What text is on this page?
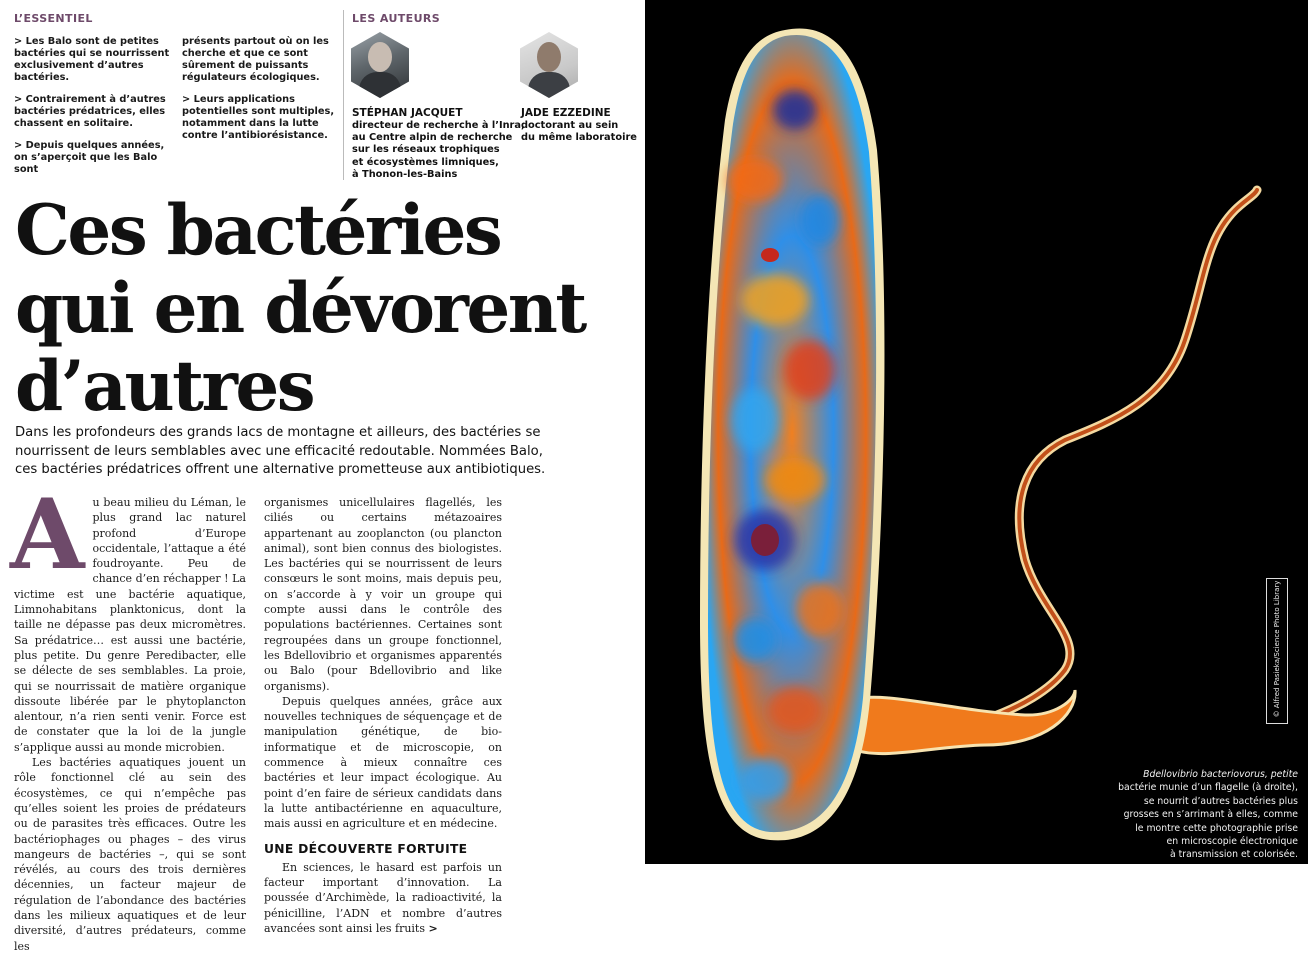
L’ESSENTIEL

> Les Balo sont de petites bactéries qui se nourrissent exclusivement d’autres bactéries.

> Contrairement à d’autres bactéries prédatrices, elles chassent en solitaire.

> Depuis quelques années, on s’aperçoit que les Balo sont

présents partout où on les cherche et que ce sont sûrement de puissants régulateurs écologiques.

> Leurs applications potentielles sont multiples, notamment dans la lutte contre l’antibiorésistance.

LES AUTEURS
STÉPHAN JACQUET
directeur de recherche à l’Inra,
au Centre alpin de recherche
sur les réseaux trophiques
et écosystèmes limniques,
à Thonon-les-Bains
JADE EZZEDINE
doctorant au sein
du même laboratoire
Ces bactéries
qui en dévorent
d’autres
Dans les profondeurs des grands lacs de montagne et ailleurs, des bactéries se
nourrissent de leurs semblables avec une efficacité redoutable. Nommées Balo,
ces bactéries prédatrices offrent une alternative prometteuse aux antibiotiques.
A u beau milieu du Léman, le plus grand lac naturel profond d’Europe occidentale, l’attaque a été foudroyante. Peu de chance d’en réchapper ! La victime est une bactérie aquatique, Limnohabitans planktonicus, dont la taille ne dépasse pas deux micromètres. Sa prédatrice… est aussi une bactérie, plus petite. Du genre Peredibacter, elle se délecte de ses semblables. La proie, qui se nourrissait de matière organique dissoute libérée par le phytoplancton alentour, n’a rien senti venir. Force est de constater que la loi de la jungle s’applique aussi au monde microbien.

Les bactéries aquatiques jouent un rôle fonctionnel clé au sein des écosystèmes, ce qui n’empêche pas qu’elles soient les proies de prédateurs ou de parasites très efficaces. Outre les bactériophages ou phages – des virus mangeurs de bactéries –, qui se sont révélés, au cours des trois dernières décennies, un facteur majeur de régulation de l’abondance des bactéries dans les milieux aquatiques et de leur diversité, d’autres prédateurs, comme les

organismes unicellulaires flagellés, les ciliés ou certains métazoaires appartenant au zooplancton (ou plancton animal), sont bien connus des biologistes. Les bactéries qui se nourrissent de leurs consœurs le sont moins, mais depuis peu, on s’accorde à y voir un groupe qui compte aussi dans le contrôle des populations bactériennes. Certaines sont regroupées dans un groupe fonctionnel, les Bdellovibrio et organismes apparentés ou Balo (pour Bdellovibrio and like organisms).

Depuis quelques années, grâce aux nouvelles techniques de séquençage et de manipulation génétique, de bio-informatique et de microscopie, on commence à mieux connaître ces bactéries et leur impact écologique. Au point d’en faire de sérieux candidats dans la lutte antibactérienne en aquaculture, mais aussi en agriculture et en médecine.

UNE DÉCOUVERTE FORTUITE

En sciences, le hasard est parfois un facteur important d’innovation. La poussée d’Archimède, la radioactivité, la pénicilline, l’ADN et nombre d’autres avancées sont ainsi les fruits >

© Alfred Pasieka/Science Photo Library
Bdellovibrio bacteriovorus, petite
bactérie munie d’un flagelle (à droite),
se nourrit d’autres bactéries plus
grosses en s’arrimant à elles, comme
le montre cette photographie prise
en microscopie électronique
à transmission et colorisée.
